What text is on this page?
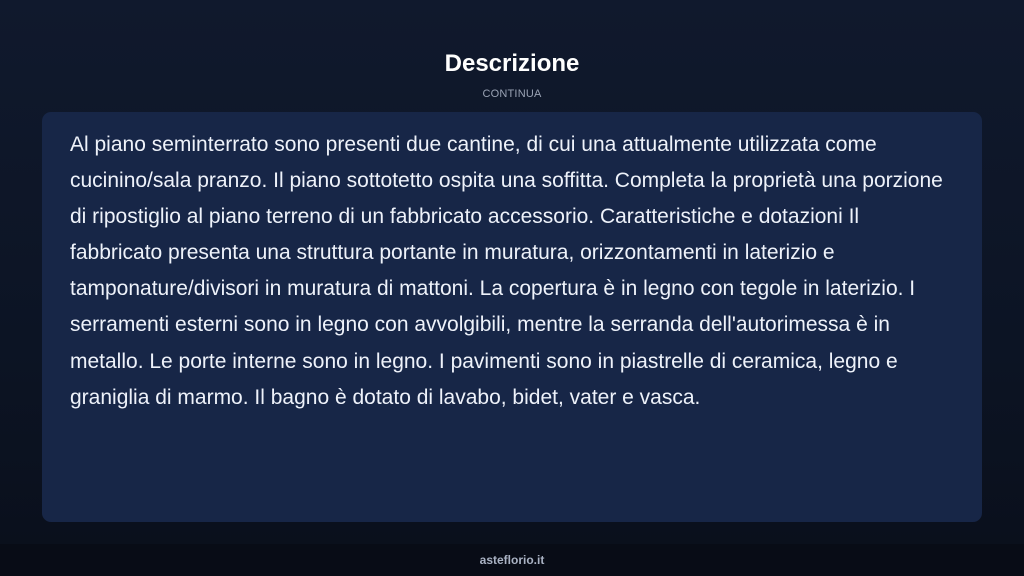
Descrizione
CONTINUA

Al piano seminterrato sono presenti due cantine, di cui una attualmente utilizzata come cucinino/sala pranzo. Il piano sottotetto ospita una soffitta. Completa la proprietà una porzione di ripostiglio al piano terreno di un fabbricato accessorio. Caratteristiche e dotazioni Il fabbricato presenta una struttura portante in muratura, orizzontamenti in laterizio e tamponature/divisori in muratura di mattoni. La copertura è in legno con tegole in laterizio. I serramenti esterni sono in legno con avvolgibili, mentre la serranda dell'autorimessa è in metallo. Le porte interne sono in legno. I pavimenti sono in piastrelle di ceramica, legno e graniglia di marmo. Il bagno è dotato di lavabo, bidet, vater e vasca.

asteflorio.it
